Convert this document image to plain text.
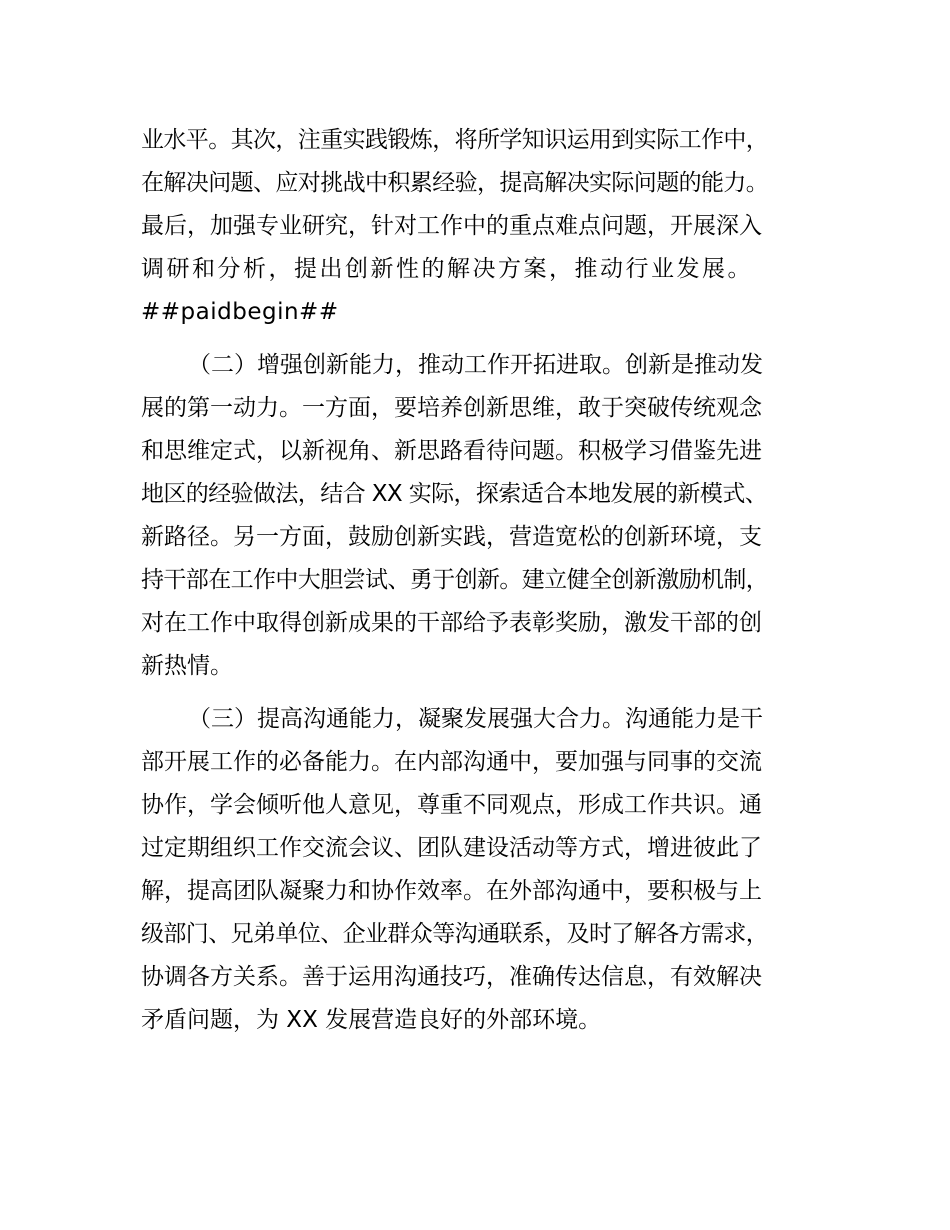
业水平。其次，注重实践锻炼，将所学知识运用到实际工作中，
在解决问题、应对挑战中积累经验，提高解决实际问题的能力。
最后，加强专业研究，针对工作中的重点难点问题，开展深入
调研和分析，提出创新性的解决方案，推动行业发展。
##paidbegin##
（二）增强创新能力，推动工作开拓进取。创新是推动发
展的第一动力。一方面，要培养创新思维，敢于突破传统观念
和思维定式，以新视角、新思路看待问题。积极学习借鉴先进
地区的经验做法，结合 XX 实际，探索适合本地发展的新模式、
新路径。另一方面，鼓励创新实践，营造宽松的创新环境，支
持干部在工作中大胆尝试、勇于创新。建立健全创新激励机制，
对在工作中取得创新成果的干部给予表彰奖励，激发干部的创
新热情。
（三）提高沟通能力，凝聚发展强大合力。沟通能力是干
部开展工作的必备能力。在内部沟通中，要加强与同事的交流
协作，学会倾听他人意见，尊重不同观点，形成工作共识。通
过定期组织工作交流会议、团队建设活动等方式，增进彼此了
解，提高团队凝聚力和协作效率。在外部沟通中，要积极与上
级部门、兄弟单位、企业群众等沟通联系，及时了解各方需求，
协调各方关系。善于运用沟通技巧，准确传达信息，有效解决
矛盾问题，为 XX 发展营造良好的外部环境。
